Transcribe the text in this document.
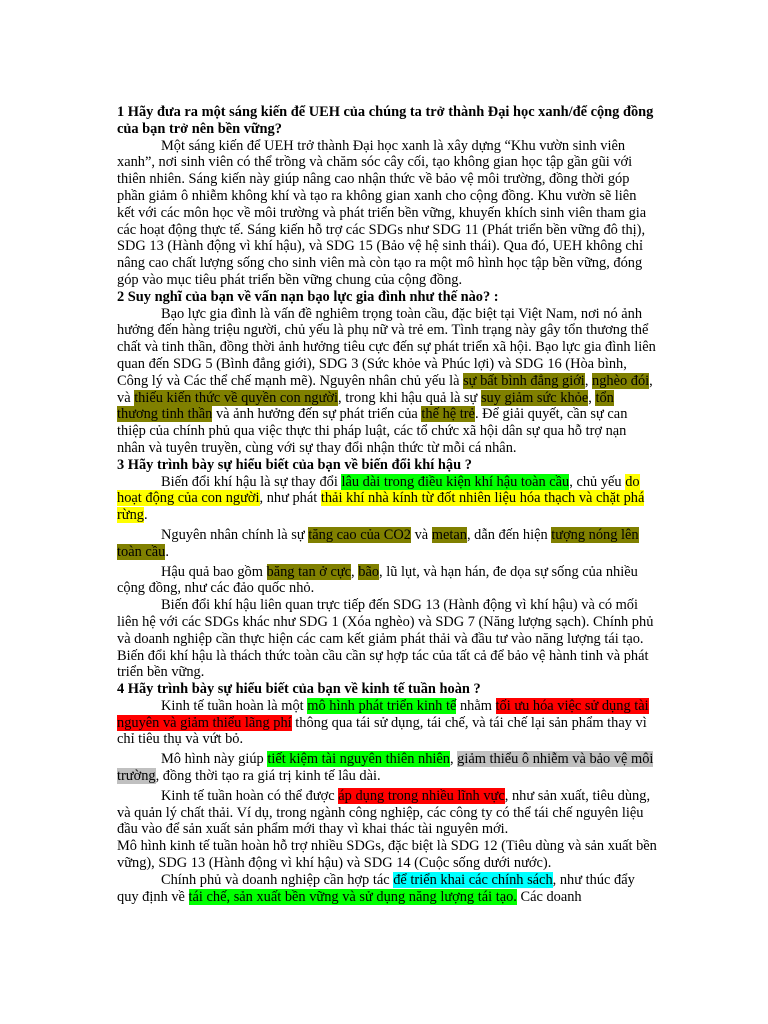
1 Hãy đưa ra một sáng kiến để UEH của chúng ta trở thành Đại học xanh/để cộng đồng của bạn trở nên bền vững?

Một sáng kiến để UEH trở thành Đại học xanh là xây dựng “Khu vườn sinh viên xanh”, nơi sinh viên có thể trồng và chăm sóc cây cối, tạo không gian học tập gần gũi với thiên nhiên. Sáng kiến này giúp nâng cao nhận thức về bảo vệ môi trường, đồng thời góp phần giảm ô nhiễm không khí và tạo ra không gian xanh cho cộng đồng. Khu vườn sẽ liên kết với các môn học về môi trường và phát triển bền vững, khuyến khích sinh viên tham gia các hoạt động thực tế. Sáng kiến hỗ trợ các SDGs như SDG 11 (Phát triển bền vững đô thị), SDG 13 (Hành động vì khí hậu), và SDG 15 (Bảo vệ hệ sinh thái). Qua đó, UEH không chỉ nâng cao chất lượng sống cho sinh viên mà còn tạo ra một mô hình học tập bền vững, đóng góp vào mục tiêu phát triển bền vững chung của cộng đồng.

2 Suy nghĩ của bạn về vấn nạn bạo lực gia đình như thế nào? :

Bạo lực gia đình là vấn đề nghiêm trọng toàn cầu, đặc biệt tại Việt Nam, nơi nó ảnh hưởng đến hàng triệu người, chủ yếu là phụ nữ và trẻ em. Tình trạng này gây tổn thương thể chất và tinh thần, đồng thời ảnh hưởng tiêu cực đến sự phát triển xã hội. Bạo lực gia đình liên quan đến SDG 5 (Bình đẳng giới), SDG 3 (Sức khỏe và Phúc lợi) và SDG 16 (Hòa bình, Công lý và Các thể chế mạnh mẽ). Nguyên nhân chủ yếu là sự bất bình đẳng giới, nghèo đói, và thiếu kiến thức về quyền con người, trong khi hậu quả là sự suy giảm sức khỏe, tổn thương tinh thần và ảnh hưởng đến sự phát triển của thế hệ trẻ. Để giải quyết, cần sự can thiệp của chính phủ qua việc thực thi pháp luật, các tổ chức xã hội dân sự qua hỗ trợ nạn nhân và tuyên truyền, cùng với sự thay đổi nhận thức từ mỗi cá nhân.

3 Hãy trình bày sự hiểu biết của bạn về biến đổi khí hậu ?

Biến đổi khí hậu là sự thay đổi lâu dài trong điều kiện khí hậu toàn cầu, chủ yếu do hoạt động của con người, như phát thải khí nhà kính từ đốt nhiên liệu hóa thạch và chặt phá rừng.

Nguyên nhân chính là sự tăng cao của CO2 và metan, dẫn đến hiện tượng nóng lên toàn cầu.

Hậu quả bao gồm băng tan ở cực, bão, lũ lụt, và hạn hán, đe dọa sự sống của nhiều cộng đồng, như các đảo quốc nhỏ.

Biến đổi khí hậu liên quan trực tiếp đến SDG 13 (Hành động vì khí hậu) và có mối liên hệ với các SDGs khác như SDG 1 (Xóa nghèo) và SDG 7 (Năng lượng sạch). Chính phủ và doanh nghiệp cần thực hiện các cam kết giảm phát thải và đầu tư vào năng lượng tái tạo. Biến đổi khí hậu là thách thức toàn cầu cần sự hợp tác của tất cả để bảo vệ hành tinh và phát triển bền vững.

4 Hãy trình bày sự hiểu biết của bạn về kinh tế tuần hoàn ?

Kinh tế tuần hoàn là một mô hình phát triển kinh tế nhằm tối ưu hóa việc sử dụng tài nguyên và giảm thiểu lãng phí thông qua tái sử dụng, tái chế, và tái chế lại sản phẩm thay vì chỉ tiêu thụ và vứt bỏ.

Mô hình này giúp tiết kiệm tài nguyên thiên nhiên, giảm thiểu ô nhiễm và bảo vệ môi trường, đồng thời tạo ra giá trị kinh tế lâu dài.

Kinh tế tuần hoàn có thể được áp dụng trong nhiều lĩnh vực, như sản xuất, tiêu dùng, và quản lý chất thải. Ví dụ, trong ngành công nghiệp, các công ty có thể tái chế nguyên liệu đầu vào để sản xuất sản phẩm mới thay vì khai thác tài nguyên mới.

Mô hình kinh tế tuần hoàn hỗ trợ nhiều SDGs, đặc biệt là SDG 12 (Tiêu dùng và sản xuất bền vững), SDG 13 (Hành động vì khí hậu) và SDG 14 (Cuộc sống dưới nước).

Chính phủ và doanh nghiệp cần hợp tác để triển khai các chính sách, như thúc đẩy quy định về tái chế, sản xuất bền vững và sử dụng năng lượng tái tạo. Các doanh
